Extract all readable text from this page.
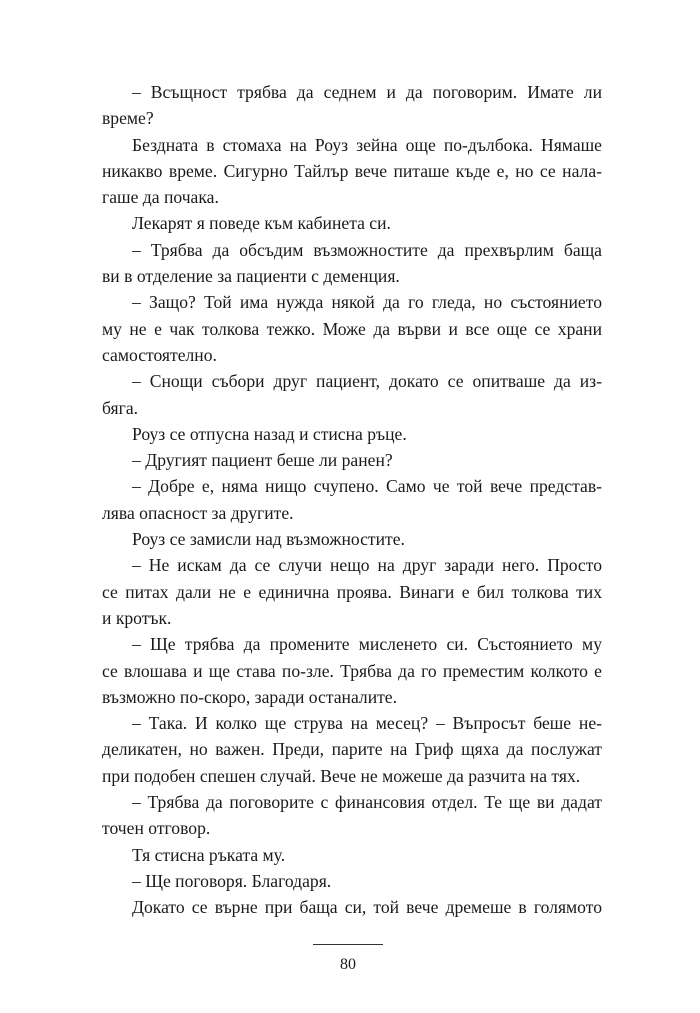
– Всъщност трябва да седнем и да поговорим. Имате ли
време?
Бездната в стомаха на Роуз зейна още по-дълбока. Нямаше
никакво време. Сигурно Тайлър вече питаше къде е, но се нала-
гаше да почака.
Лекарят я поведе към кабинета си.
– Трябва да обсъдим възможностите да прехвърлим баща
ви в отделение за пациенти с деменция.
– Защо? Той има нужда някой да го гледа, но състоянието
му не е чак толкова тежко. Може да върви и все още се храни
самостоятелно.
– Снощи събори друг пациент, докато се опитваше да из-
бяга.
Роуз се отпусна назад и стисна ръце.
– Другият пациент беше ли ранен?
– Добре е, няма нищо счупено. Само че той вече представ-
лява опасност за другите.
Роуз се замисли над възможностите.
– Не искам да се случи нещо на друг заради него. Просто
се питах дали не е единична проява. Винаги е бил толкова тих
и кротък.
– Ще трябва да промените мисленето си. Състоянието му
се влошава и ще става по-зле. Трябва да го преместим колкото е
възможно по-скоро, заради останалите.
– Така. И колко ще струва на месец? – Въпросът беше не-
деликатен, но важен. Преди, парите на Гриф щяха да послужат
при подобен спешен случай. Вече не можеше да разчита на тях.
– Трябва да поговорите с финансовия отдел. Те ще ви дадат
точен отговор.
Тя стисна ръката му.
– Ще поговоря. Благодаря.
Докато се върне при баща си, той вече дремеше в голямото
80
